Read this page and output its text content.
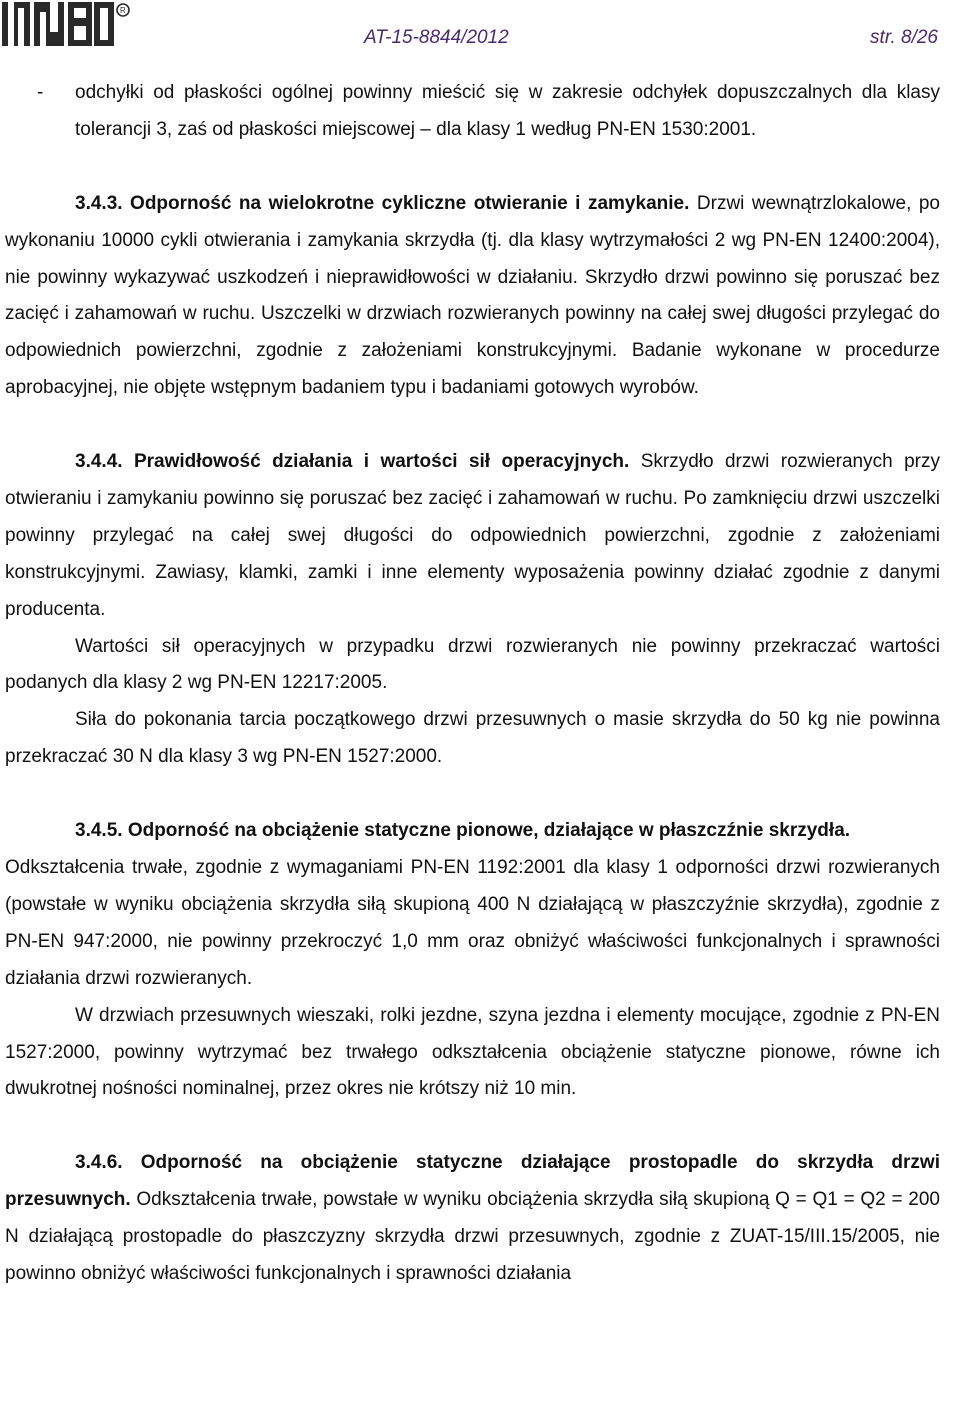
R
AT-15-8844/2012	str. 8/26
- odchyłki od płaskości ogólnej powinny mieścić się w zakresie odchyłek dopuszczalnych dla klasy tolerancji 3, zaś od płaskości miejscowej – dla klasy 1 według PN-EN 1530:2001.

3.4.3. Odporność na wielokrotne cykliczne otwieranie i zamykanie. Drzwi wewnątrzlokalowe, po wykonaniu 10000 cykli otwierania i zamykania skrzydła (tj. dla klasy wytrzymałości 2 wg PN-EN 12400:2004), nie powinny wykazywać uszkodzeń i nieprawidłowości w działaniu. Skrzydło drzwi powinno się poruszać bez zacięć i zahamowań w ruchu. Uszczelki w drzwiach rozwieranych powinny na całej swej długości przylegać do odpowiednich powierzchni, zgodnie z założeniami konstrukcyjnymi. Badanie wykonane w procedurze aprobacyjnej, nie objęte wstępnym badaniem typu i badaniami gotowych wyrobów.

3.4.4. Prawidłowość działania i wartości sił operacyjnych. Skrzydło drzwi rozwieranych przy otwieraniu i zamykaniu powinno się poruszać bez zacięć i zahamowań w ruchu. Po zamknięciu drzwi uszczelki powinny przylegać na całej swej długości do odpowiednich powierzchni, zgodnie z założeniami konstrukcyjnymi. Zawiasy, klamki, zamki i inne elementy wyposażenia powinny działać zgodnie z danymi producenta.

Wartości sił operacyjnych w przypadku drzwi rozwieranych nie powinny przekraczać wartości podanych dla klasy 2 wg PN-EN 12217:2005.

Siła do pokonania tarcia początkowego drzwi przesuwnych o masie skrzydła do 50 kg nie powinna przekraczać 30 N dla klasy 3 wg PN-EN 1527:2000.

3.4.5. Odporność na obciążenie statyczne pionowe, działające w płaszczźnie skrzydła.

Odkształcenia trwałe, zgodnie z wymaganiami PN-EN 1192:2001 dla klasy 1 odporności drzwi rozwieranych (powstałe w wyniku obciążenia skrzydła siłą skupioną 400 N działającą w płaszczyźnie skrzydła), zgodnie z PN-EN 947:2000, nie powinny przekroczyć 1,0 mm oraz obniżyć właściwości funkcjonalnych i sprawności działania drzwi rozwieranych.

W drzwiach przesuwnych wieszaki, rolki jezdne, szyna jezdna i elementy mocujące, zgodnie z PN-EN 1527:2000, powinny wytrzymać bez trwałego odkształcenia obciążenie statyczne pionowe, równe ich dwukrotnej nośności nominalnej, przez okres nie krótszy niż 10 min.

3.4.6. Odporność na obciążenie statyczne działające prostopadle do skrzydła drzwi przesuwnych. Odkształcenia trwałe, powstałe w wyniku obciążenia skrzydła siłą skupioną Q = Q1 = Q2 = 200 N działającą prostopadle do płaszczyzny skrzydła drzwi przesuwnych, zgodnie z ZUAT-15/III.15/2005, nie powinno obniżyć właściwości funkcjonalnych i sprawności działania
